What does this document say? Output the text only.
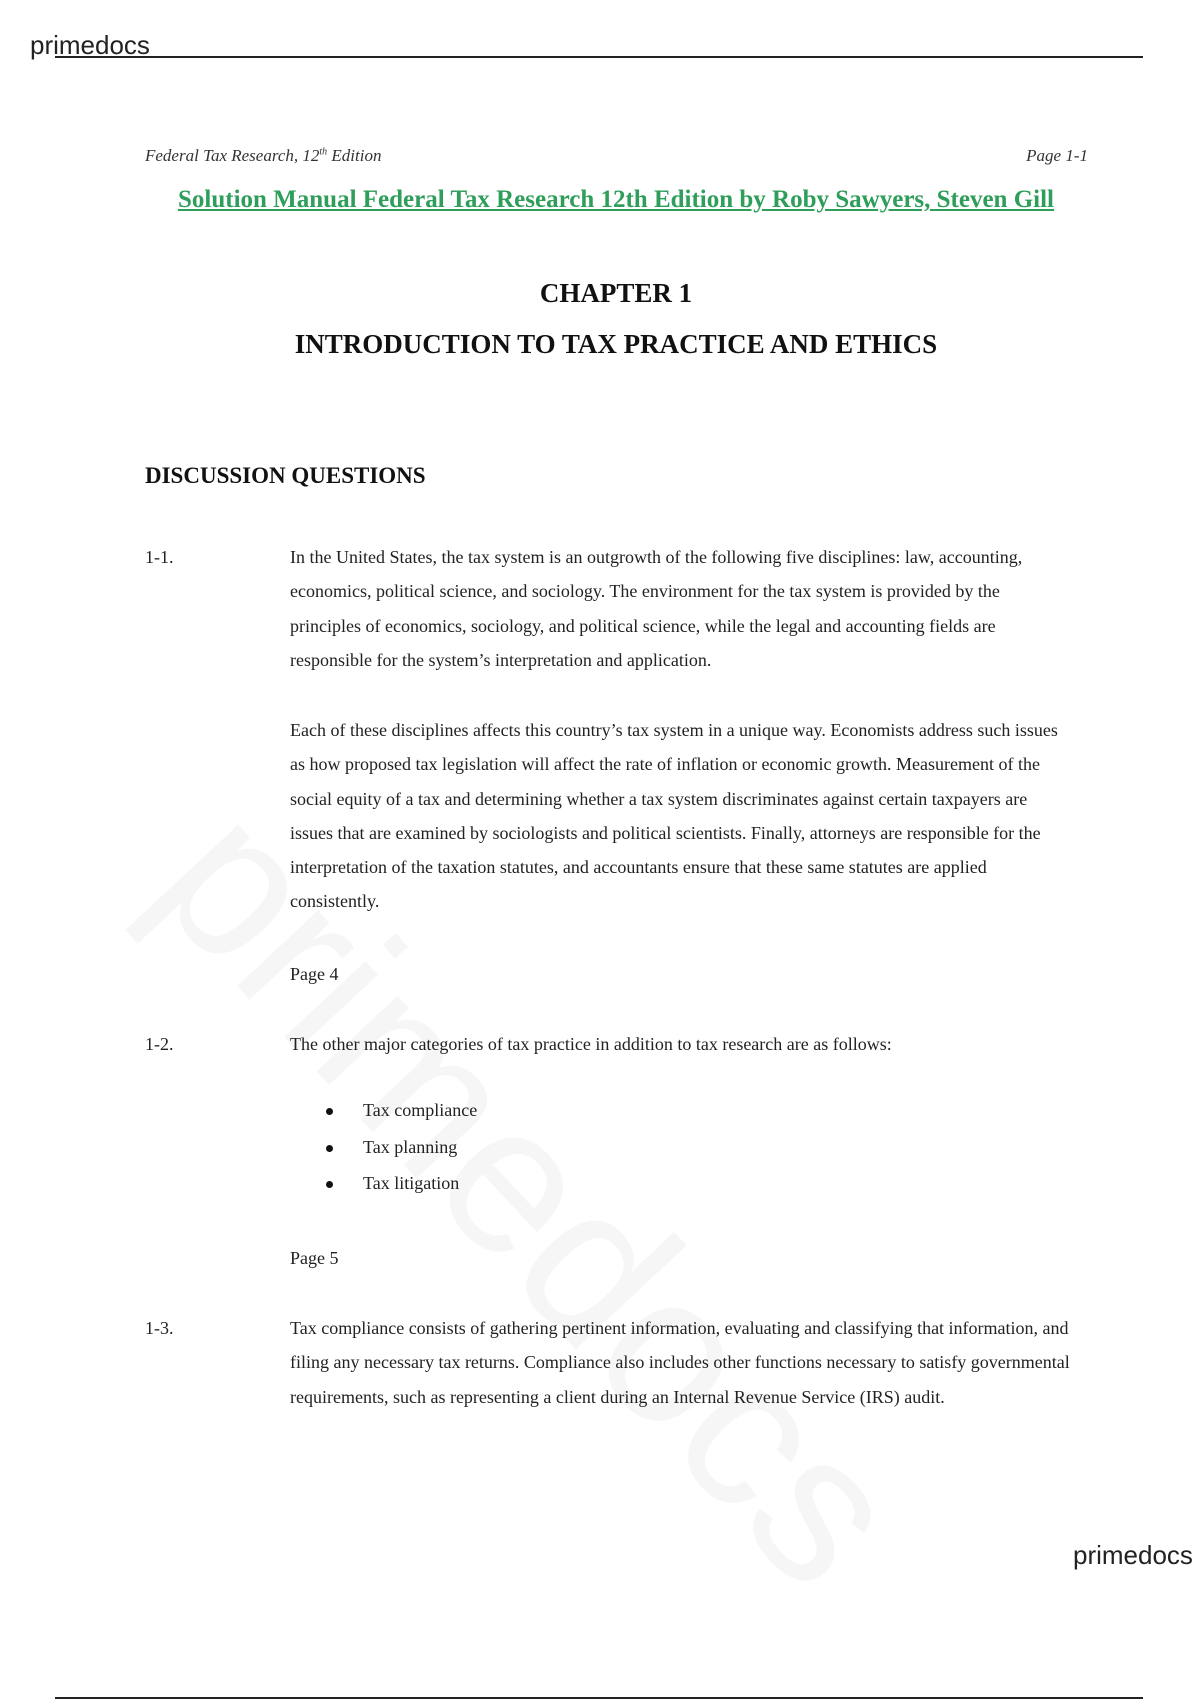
primedocs
Federal Tax Research, 12th Edition	Page 1-1
Solution Manual Federal Tax Research 12th Edition by Roby Sawyers, Steven Gill
CHAPTER 1
INTRODUCTION TO TAX PRACTICE AND ETHICS
DISCUSSION QUESTIONS
1-1.	In the United States, the tax system is an outgrowth of the following five disciplines: law, accounting, economics, political science, and sociology. The environment for the tax system is provided by the principles of economics, sociology, and political science, while the legal and accounting fields are responsible for the system’s interpretation and application.
Each of these disciplines affects this country’s tax system in a unique way. Economists address such issues as how proposed tax legislation will affect the rate of inflation or economic growth. Measurement of the social equity of a tax and determining whether a tax system discriminates against certain taxpayers are issues that are examined by sociologists and political scientists. Finally, attorneys are responsible for the interpretation of the taxation statutes, and accountants ensure that these same statutes are applied consistently.
Page 4
1-2.	The other major categories of tax practice in addition to tax research are as follows:
Tax compliance
Tax planning
Tax litigation
Page 5
1-3.	Tax compliance consists of gathering pertinent information, evaluating and classifying that information, and filing any necessary tax returns. Compliance also includes other functions necessary to satisfy governmental requirements, such as representing a client during an Internal Revenue Service (IRS) audit.
primedocs
